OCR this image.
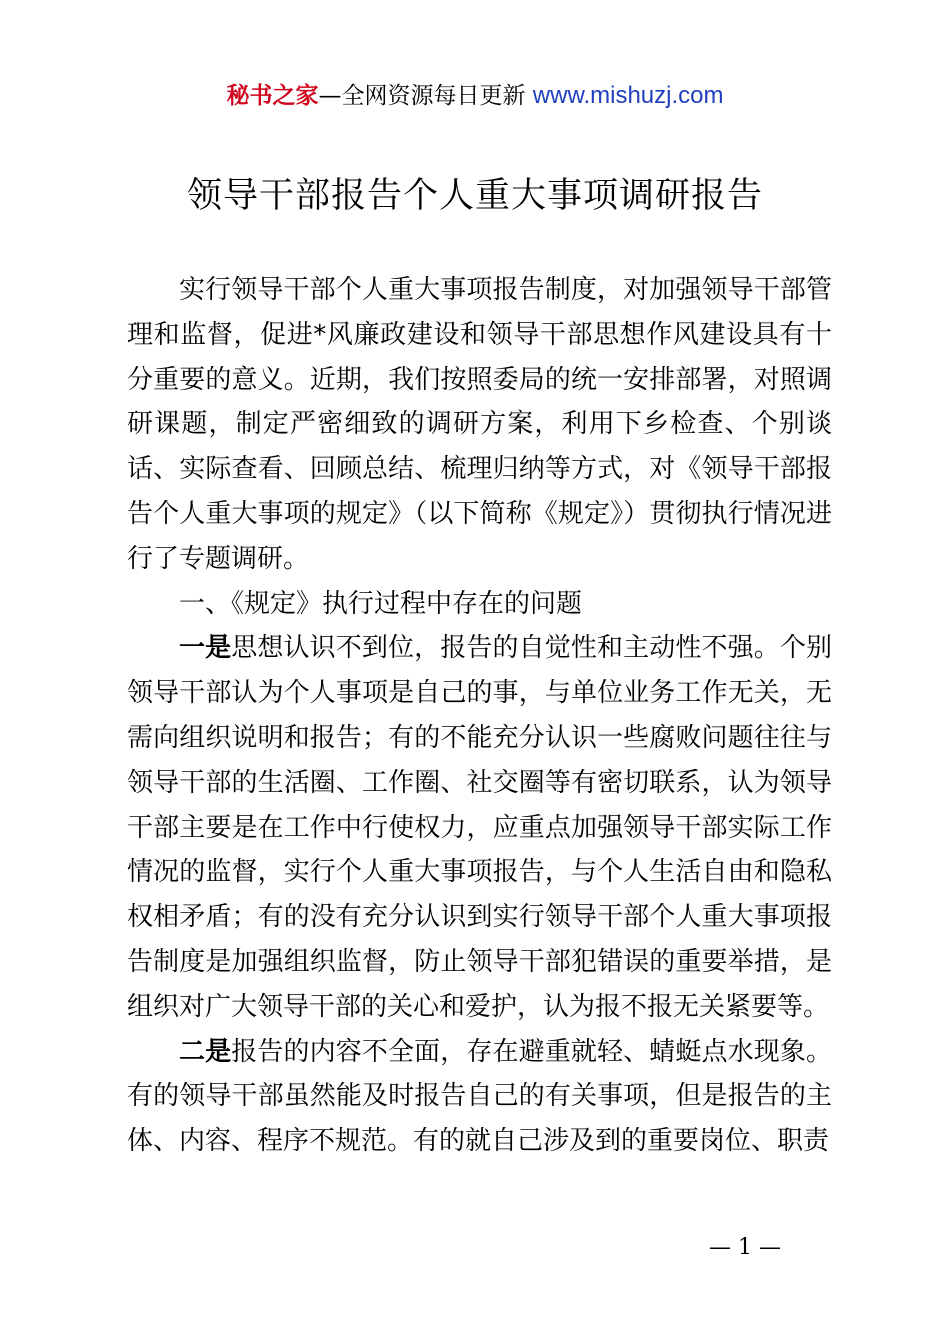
秘书之家—全网资源每日更新 www.mishuzj.com
领导干部报告个人重大事项调研报告

实行领导干部个人重大事项报告制度，对加强领导干部管理和监督，促进*风廉政建设和领导干部思想作风建设具有十分重要的意义。近期，我们按照委局的统一安排部署，对照调研课题，制定严密细致的调研方案，利用下乡检查、个别谈话、实际查看、回顾总结、梳理归纳等方式，对《领导干部报告个人重大事项的规定》（以下简称《规定》）贯彻执行情况进行了专题调研。

一、《规定》执行过程中存在的问题

一是思想认识不到位，报告的自觉性和主动性不强。个别领导干部认为个人事项是自己的事，与单位业务工作无关，无需向组织说明和报告；有的不能充分认识一些腐败问题往往与领导干部的生活圈、工作圈、社交圈等有密切联系，认为领导干部主要是在工作中行使权力，应重点加强领导干部实际工作情况的监督，实行个人重大事项报告，与个人生活自由和隐私权相矛盾；有的没有充分认识到实行领导干部个人重大事项报告制度是加强组织监督，防止领导干部犯错误的重要举措，是组织对广大领导干部的关心和爱护，认为报不报无关紧要等。

二是报告的内容不全面，存在避重就轻、蜻蜓点水现象。有的领导干部虽然能及时报告自己的有关事项，但是报告的主体、内容、程序不规范。有的就自己涉及到的重要岗位、职责

— 1 —
